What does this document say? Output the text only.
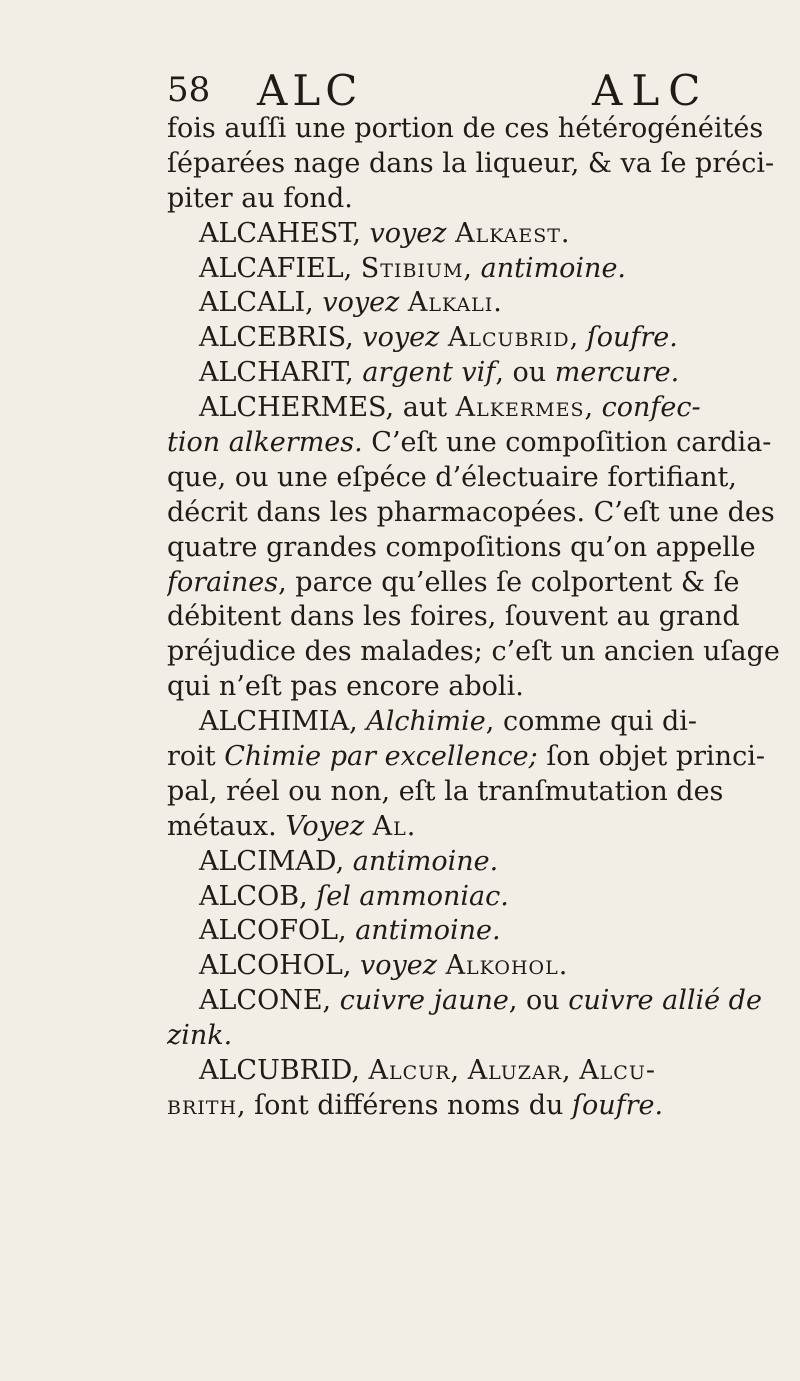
58 ALC	ALC
fois auſſi une portion de ces hétérogénéités
ſéparées nage dans la liqueur, & va ſe préci-
piter au fond.
ALCAHEST, voyez Alkaest.
ALCAFIEL, Stibium, antimoine.
ALCALI, voyez Alkali.
ALCEBRIS, voyez Alcubrid, ſoufre.
ALCHARIT, argent vif, ou mercure.
ALCHERMES, aut Alkermes, confec-
tion alkermes. C’eſt une compoſition cardia-
que, ou une eſpéce d’électuaire fortifiant,
décrit dans les pharmacopées. C’eſt une des
quatre grandes compoſitions qu’on appelle
foraines, parce qu’elles ſe colportent & ſe
débitent dans les foires, ſouvent au grand
préjudice des malades; c’eſt un ancien uſage
qui n’eſt pas encore aboli.
ALCHIMIA, Alchimie, comme qui di-
roit Chimie par excellence; ſon objet princi-
pal, réel ou non, eſt la tranſmutation des
métaux. Voyez Al.
ALCIMAD, antimoine.
ALCOB, ſel ammoniac.
ALCOFOL, antimoine.
ALCOHOL, voyez Alkohol.
ALCONE, cuivre jaune, ou cuivre allié de
zink.
ALCUBRID, Alcur, Aluzar, Alcu-
brith, ſont différens noms du ſoufre.
